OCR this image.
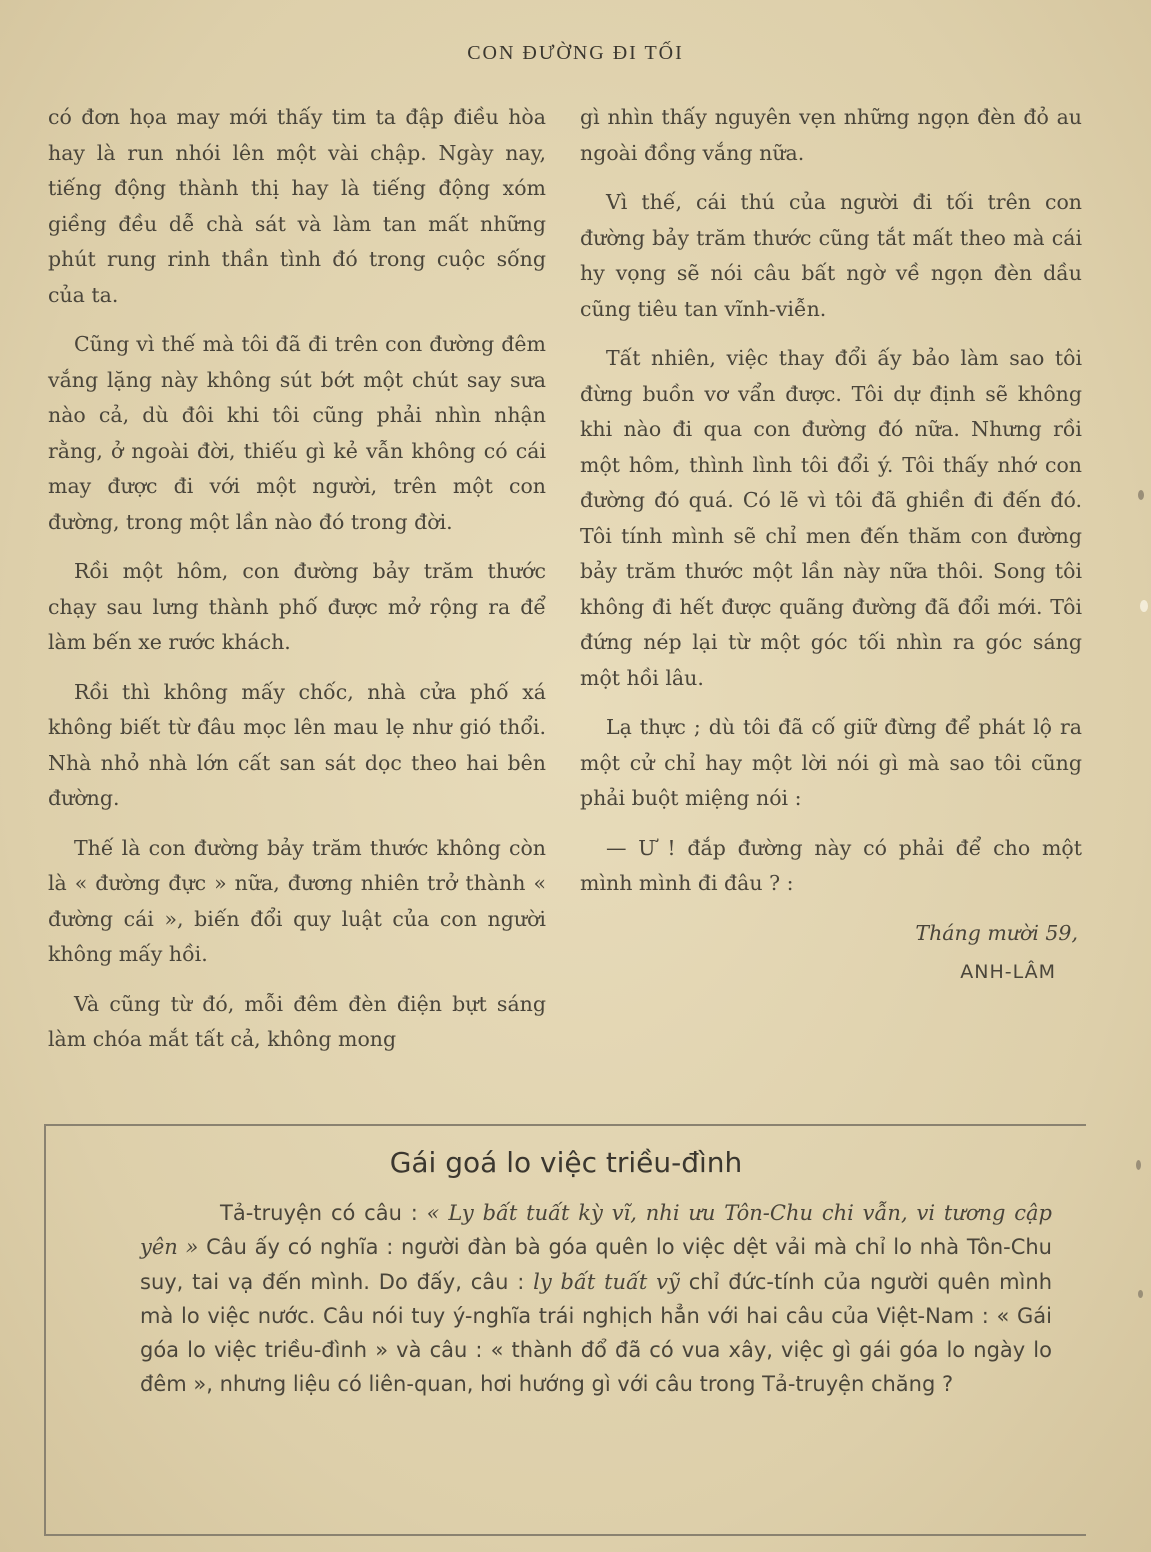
CON ĐƯỜNG ĐI TỐI

có đơn họa may mới thấy tim ta đập điều hòa hay là run nhói lên một vài chập. Ngày nay, tiếng động thành thị hay là tiếng động xóm giềng đều dễ chà sát và làm tan mất những phút rung rinh thần tình đó trong cuộc sống của ta.

Cũng vì thế mà tôi đã đi trên con đường đêm vắng lặng này không sút bớt một chút say sưa nào cả, dù đôi khi tôi cũng phải nhìn nhận rằng, ở ngoài đời, thiếu gì kẻ vẫn không có cái may được đi với một người, trên một con đường, trong một lần nào đó trong đời.

Rồi một hôm, con đường bảy trăm thước chạy sau lưng thành phố được mở rộng ra để làm bến xe rước khách.

Rồi thì không mấy chốc, nhà cửa phố xá không biết từ đâu mọc lên mau lẹ như gió thổi. Nhà nhỏ nhà lớn cất san sát dọc theo hai bên đường.

Thế là con đường bảy trăm thước không còn là « đường đực » nữa, đương nhiên trở thành « đường cái », biến đổi quy luật của con người không mấy hồi.

Và cũng từ đó, mỗi đêm đèn điện bựt sáng làm chóa mắt tất cả, không mong

gì nhìn thấy nguyên vẹn những ngọn đèn đỏ au ngoài đồng vắng nữa.

Vì thế, cái thú của người đi tối trên con đường bảy trăm thước cũng tắt mất theo mà cái hy vọng sẽ nói câu bất ngờ về ngọn đèn dầu cũng tiêu tan vĩnh-viễn.

Tất nhiên, việc thay đổi ấy bảo làm sao tôi đừng buồn vơ vẩn được. Tôi dự định sẽ không khi nào đi qua con đường đó nữa. Nhưng rồi một hôm, thình lình tôi đổi ý. Tôi thấy nhớ con đường đó quá. Có lẽ vì tôi đã ghiền đi đến đó. Tôi tính mình sẽ chỉ men đến thăm con đường bảy trăm thước một lần này nữa thôi. Song tôi không đi hết được quãng đường đã đổi mới. Tôi đứng nép lại từ một góc tối nhìn ra góc sáng một hồi lâu.

Lạ thực ; dù tôi đã cố giữ đừng để phát lộ ra một cử chỉ hay một lời nói gì mà sao tôi cũng phải buột miệng nói :

— Ư ! đắp đường này có phải để cho một mình mình đi đâu ? :

Tháng mười 59,
ANH-LÂM
Gái goá lo việc triều-đình

Tả-truyện có câu : « Ly bất tuất kỳ vĩ, nhi ưu Tôn-Chu chi vẫn, vi tương cập yên » Câu ấy có nghĩa : người đàn bà góa quên lo việc dệt vải mà chỉ lo nhà Tôn-Chu suy, tai vạ đến mình. Do đấy, câu : ly bất tuất vỹ chỉ đức-tính của người quên mình mà lo việc nước. Câu nói tuy ý-nghĩa trái nghịch hẳn với hai câu của Việt-Nam : « Gái góa lo việc triều-đình » và câu : « thành đổ đã có vua xây, việc gì gái góa lo ngày lo đêm », nhưng liệu có liên-quan, hơi hướng gì với câu trong Tả-truyện chăng ?
